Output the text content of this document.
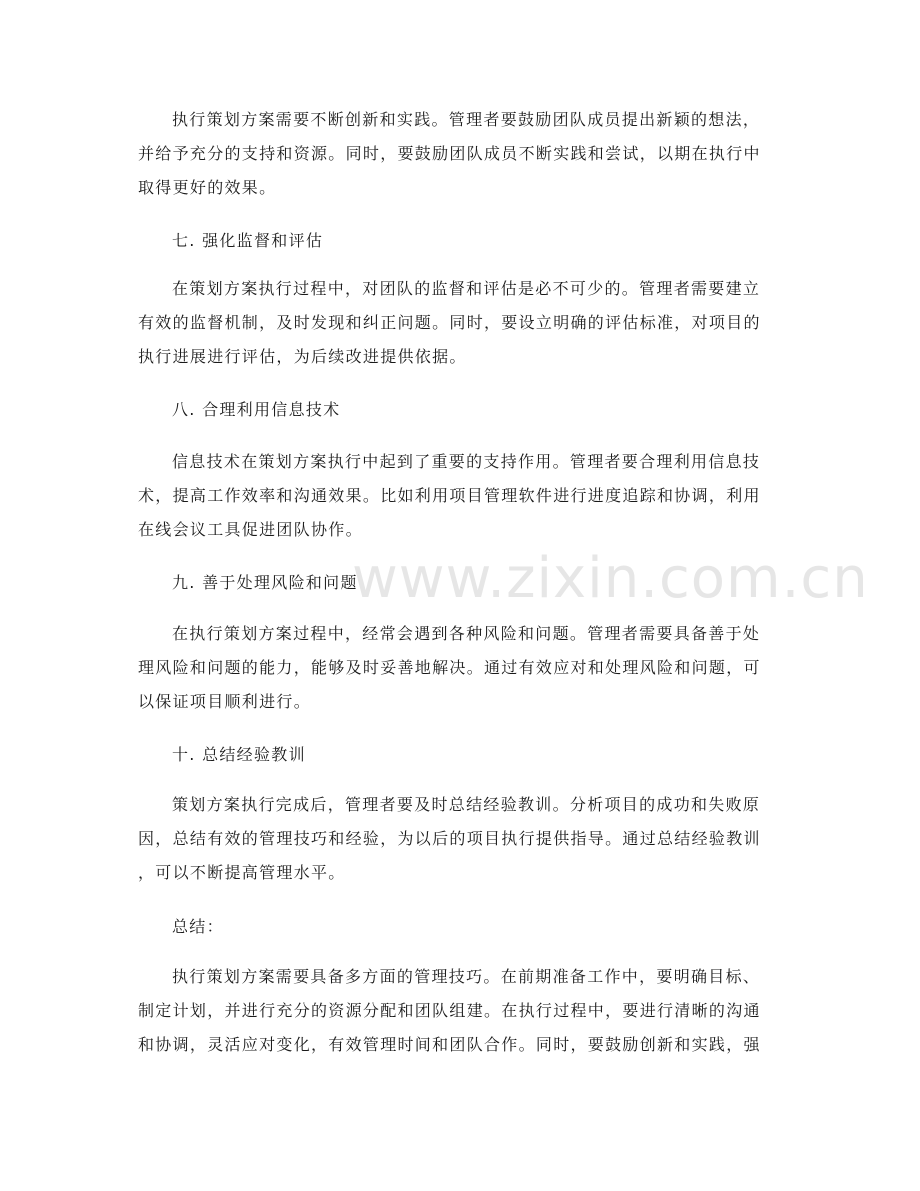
www.zixin.com.cn

执行策划方案需要不断创新和实践。管理者要鼓励团队成员提出新颖的想法，

并给予充分的支持和资源。同时，要鼓励团队成员不断实践和尝试，以期在执行中

取得更好的效果。

七. 强化监督和评估

在策划方案执行过程中，对团队的监督和评估是必不可少的。管理者需要建立

有效的监督机制，及时发现和纠正问题。同时，要设立明确的评估标准，对项目的

执行进展进行评估，为后续改进提供依据。

八. 合理利用信息技术

信息技术在策划方案执行中起到了重要的支持作用。管理者要合理利用信息技

术，提高工作效率和沟通效果。比如利用项目管理软件进行进度追踪和协调，利用

在线会议工具促进团队协作。

九. 善于处理风险和问题

在执行策划方案过程中，经常会遇到各种风险和问题。管理者需要具备善于处

理风险和问题的能力，能够及时妥善地解决。通过有效应对和处理风险和问题，可

以保证项目顺利进行。

十. 总结经验教训

策划方案执行完成后，管理者要及时总结经验教训。分析项目的成功和失败原

因，总结有效的管理技巧和经验，为以后的项目执行提供指导。通过总结经验教训

，可以不断提高管理水平。

总结：

执行策划方案需要具备多方面的管理技巧。在前期准备工作中，要明确目标、

制定计划，并进行充分的资源分配和团队组建。在执行过程中，要进行清晰的沟通

和协调，灵活应对变化，有效管理时间和团队合作。同时，要鼓励创新和实践，强
